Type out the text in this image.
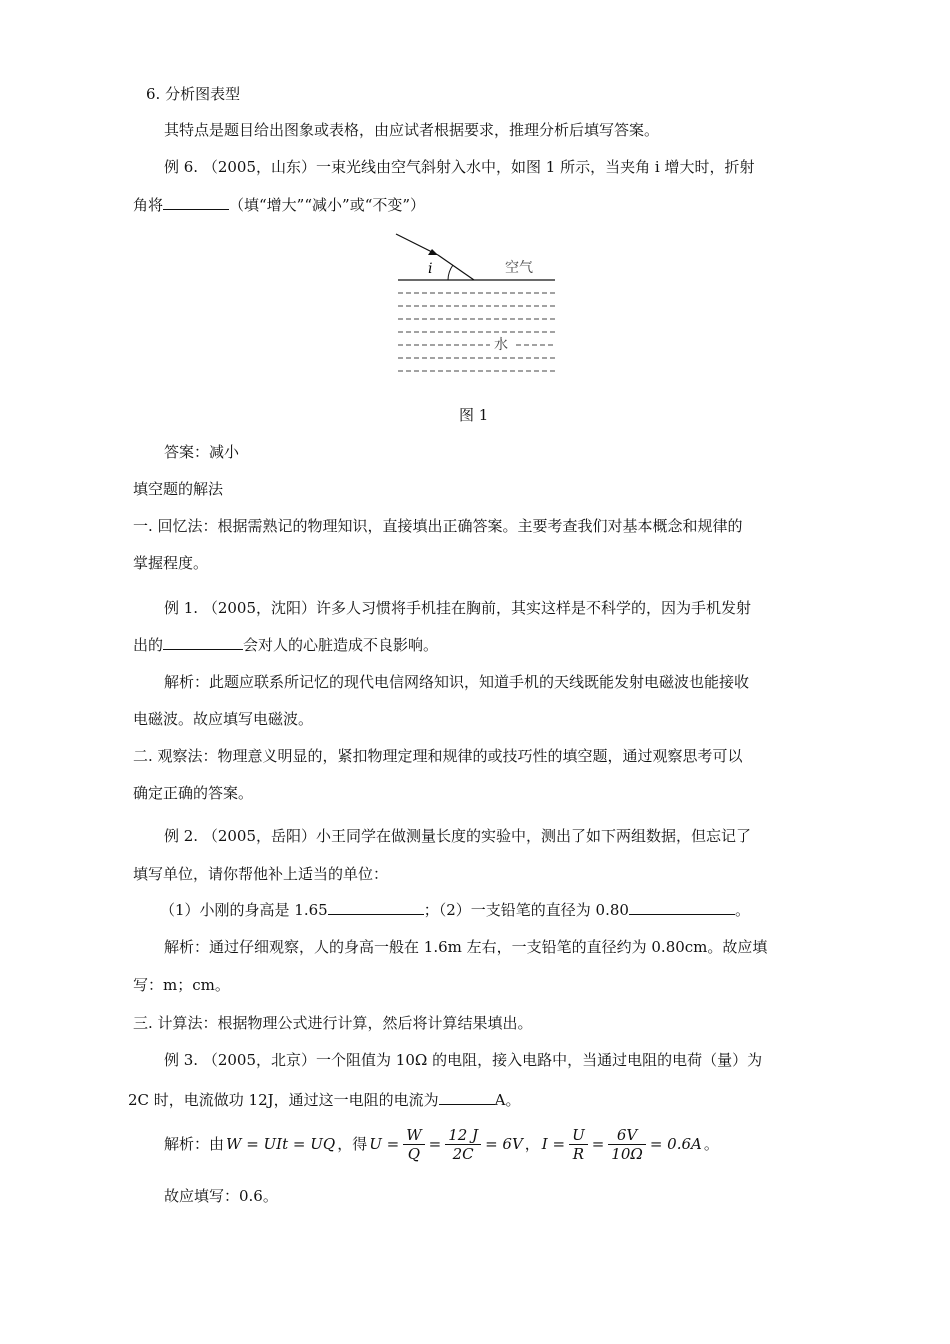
6. 分析图表型
其特点是题目给出图象或表格，由应试者根据要求，推理分析后填写答案。
例 6. （2005，山东）一束光线由空气斜射入水中，如图 1 所示，当夹角 i 增大时，折射
角将	（填“增大”“减小”或“不变”）
i	空气
水
图 1
答案：减小
填空题的解法
一. 回忆法：根据需熟记的物理知识，直接填出正确答案。主要考查我们对基本概念和规律的
掌握程度。
例 1. （2005，沈阳）许多人习惯将手机挂在胸前，其实这样是不科学的，因为手机发射
出的	会对人的心脏造成不良影响。
解析：此题应联系所记忆的现代电信网络知识，知道手机的天线既能发射电磁波也能接收
电磁波。故应填写电磁波。
二. 观察法：物理意义明显的，紧扣物理定理和规律的或技巧性的填空题，通过观察思考可以
确定正确的答案。
例 2. （2005，岳阳）小王同学在做测量长度的实验中，测出了如下两组数据，但忘记了
填写单位，请你帮他补上适当的单位：
（1）小刚的身高是 1.65	；（2）一支铅笔的直径为 0.80	。
解析：通过仔细观察，人的身高一般在 1.6m 左右，一支铅笔的直径约为 0.80cm。故应填
写：m；cm。
三. 计算法：根据物理公式进行计算，然后将计算结果填出。
例 3. （2005，北京）一个阻值为 10Ω 的电阻，接入电路中，当通过电阻的电荷（量）为
2C 时，电流做功 12J，通过这一电阻的电流为	A。
解析：由 W = UIt = UQ ，得 $U = \frac{W}{Q} = \frac{12 J}{2C} = 6V$ ， $I = \frac{U}{R} = \frac{6V}{10\Omega} = 0.6A$ 。
故应填写：0.6。
